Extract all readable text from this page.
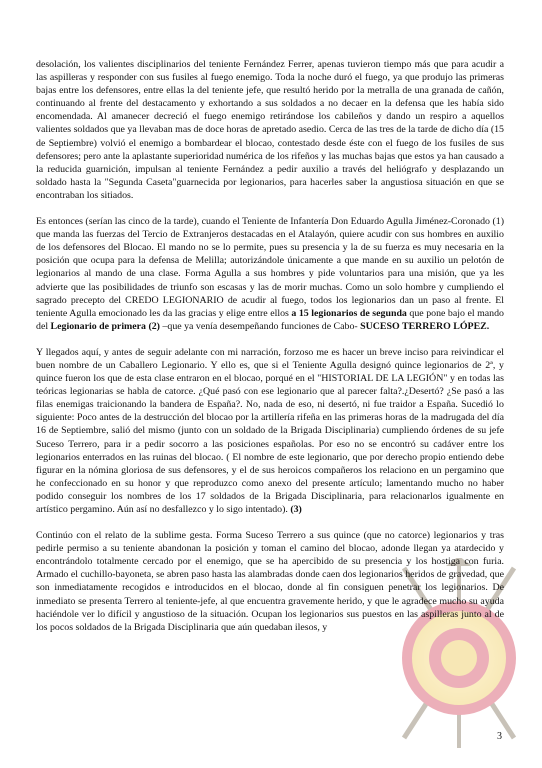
desolación, los valientes disciplinarios del teniente Fernández Ferrer, apenas tuvieron tiempo más que para acudir a las aspilleras y responder con sus fusiles al fuego enemigo. Toda la noche duró el fuego, ya que produjo las primeras bajas entre los defensores, entre ellas la del teniente jefe, que resultó herido por la metralla de una granada de cañón, continuando al frente del destacamento y exhortando a sus soldados a no decaer en la defensa que les había sido encomendada. Al amanecer decreció el fuego enemigo retirándose los cabileños y dando un respiro a aquellos valientes soldados que ya llevaban mas de doce horas de apretado asedio. Cerca de las tres de la tarde de dicho día (15 de Septiembre) volvió el enemigo a bombardear el blocao, contestado desde éste con el fuego de los fusiles de sus defensores; pero ante la aplastante superioridad numérica de los rifeños y las muchas bajas que estos ya han causado a la reducida guarnición, impulsan al teniente Fernández a pedir auxilio a través del heliógrafo y desplazando un soldado hasta la "Segunda Caseta"guarnecida por legionarios, para hacerles saber la angustiosa situación en que se encontraban los sitiados.

Es entonces (serían las cinco de la tarde), cuando el Teniente de Infantería Don Eduardo Agulla Jiménez-Coronado (1) que manda las fuerzas del Tercio de Extranjeros destacadas en el Atalayón, quiere acudir con sus hombres en auxilio de los defensores del Blocao. El mando no se lo permite, pues su presencia y la de su fuerza es muy necesaria en la posición que ocupa para la defensa de Melilla; autorizándole únicamente a que mande en su auxilio un pelotón de legionarios al mando de una clase. Forma Agulla a sus hombres y pide voluntarios para una misión, que ya les advierte que las posibilidades de triunfo son escasas y las de morir muchas. Como un solo hombre y cumpliendo el sagrado precepto del CREDO LEGIONARIO de acudir al fuego, todos los legionarios dan un paso al frente. El teniente Agulla emocionado les da las gracias y elige entre ellos a 15 legionarios de segunda que pone bajo el mando del Legionario de primera (2) –que ya venía desempeñando funciones de Cabo- SUCESO TERRERO LÓPEZ.

Y llegados aquí, y antes de seguir adelante con mi narración, forzoso me es hacer un breve inciso para reivindicar el buen nombre de un Caballero Legionario. Y ello es, que si el Teniente Agulla designó quince legionarios de 2ª, y quince fueron los que de esta clase entraron en el blocao, porqué en el "HISTORIAL DE LA LEGIÓN" y en todas las teóricas legionarias se habla de catorce. ¿Qué pasó con ese legionario que al parecer falta?.¿Desertó? ¿Se pasó a las filas enemigas traicionando la bandera de España?. No, nada de eso, ni desertó, ni fue traidor a España. Sucedió lo siguiente: Poco antes de la destrucción del blocao por la artillería rifeña en las primeras horas de la madrugada del día 16 de Septiembre, salió del mismo (junto con un soldado de la Brigada Disciplinaria) cumpliendo órdenes de su jefe Suceso Terrero, para ir a pedir socorro a las posiciones españolas. Por eso no se encontró su cadáver entre los legionarios enterrados en las ruinas del blocao. ( El nombre de este legionario, que por derecho propio entiendo debe figurar en la nómina gloriosa de sus defensores, y el de sus heroicos compañeros los relaciono en un pergamino que he confeccionado en su honor y que reproduzco como anexo del presente artículo; lamentando mucho no haber podido conseguir los nombres de los 17 soldados de la Brigada Disciplinaria, para relacionarlos igualmente en artístico pergamino. Aún así no desfallezco y lo sigo intentado). (3)

Continúo con el relato de la sublime gesta. Forma Suceso Terrero a sus quince (que no catorce) legionarios y tras pedirle permiso a su teniente abandonan la posición y toman el camino del blocao, adonde llegan ya atardecido y encontrándolo totalmente cercado por el enemigo, que se ha apercibido de su presencia y los hostiga con furia. Armado el cuchillo-bayoneta, se abren paso hasta las alambradas donde caen dos legionarios heridos de gravedad, que son inmediatamente recogidos e introducidos en el blocao, donde al fin consiguen penetrar los legionarios. De inmediato se presenta Terrero al teniente-jefe, al que encuentra gravemente herido, y que le agradece mucho su ayuda haciéndole ver lo difícil y angustioso de la situación. Ocupan los legionarios sus puestos en las aspilleras junto al de los pocos soldados de la Brigada Disciplinaria que aún quedaban ilesos, y

3
